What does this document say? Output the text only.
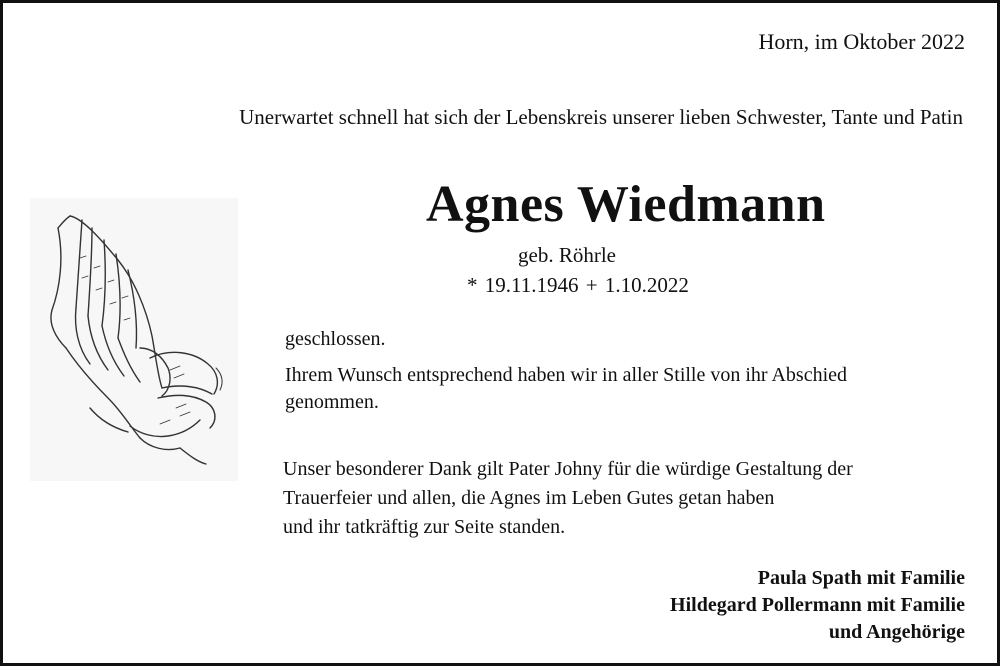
Horn, im Oktober 2022
Unerwartet schnell hat sich der Lebenskreis unserer lieben Schwester, Tante und Patin
Agnes Wiedmann
geb. Röhrle
* 19.11.1946 + 1.10.2022
geschlossen.
Ihrem Wunsch entsprechend haben wir in aller Stille von ihr Abschied genommen.
Unser besonderer Dank gilt Pater Johny für die würdige Gestaltung der
Trauerfeier und allen, die Agnes im Leben Gutes getan haben
und ihr tatkräftig zur Seite standen.
Paula Spath mit Familie
Hildegard Pollermann mit Familie
und Angehörige
